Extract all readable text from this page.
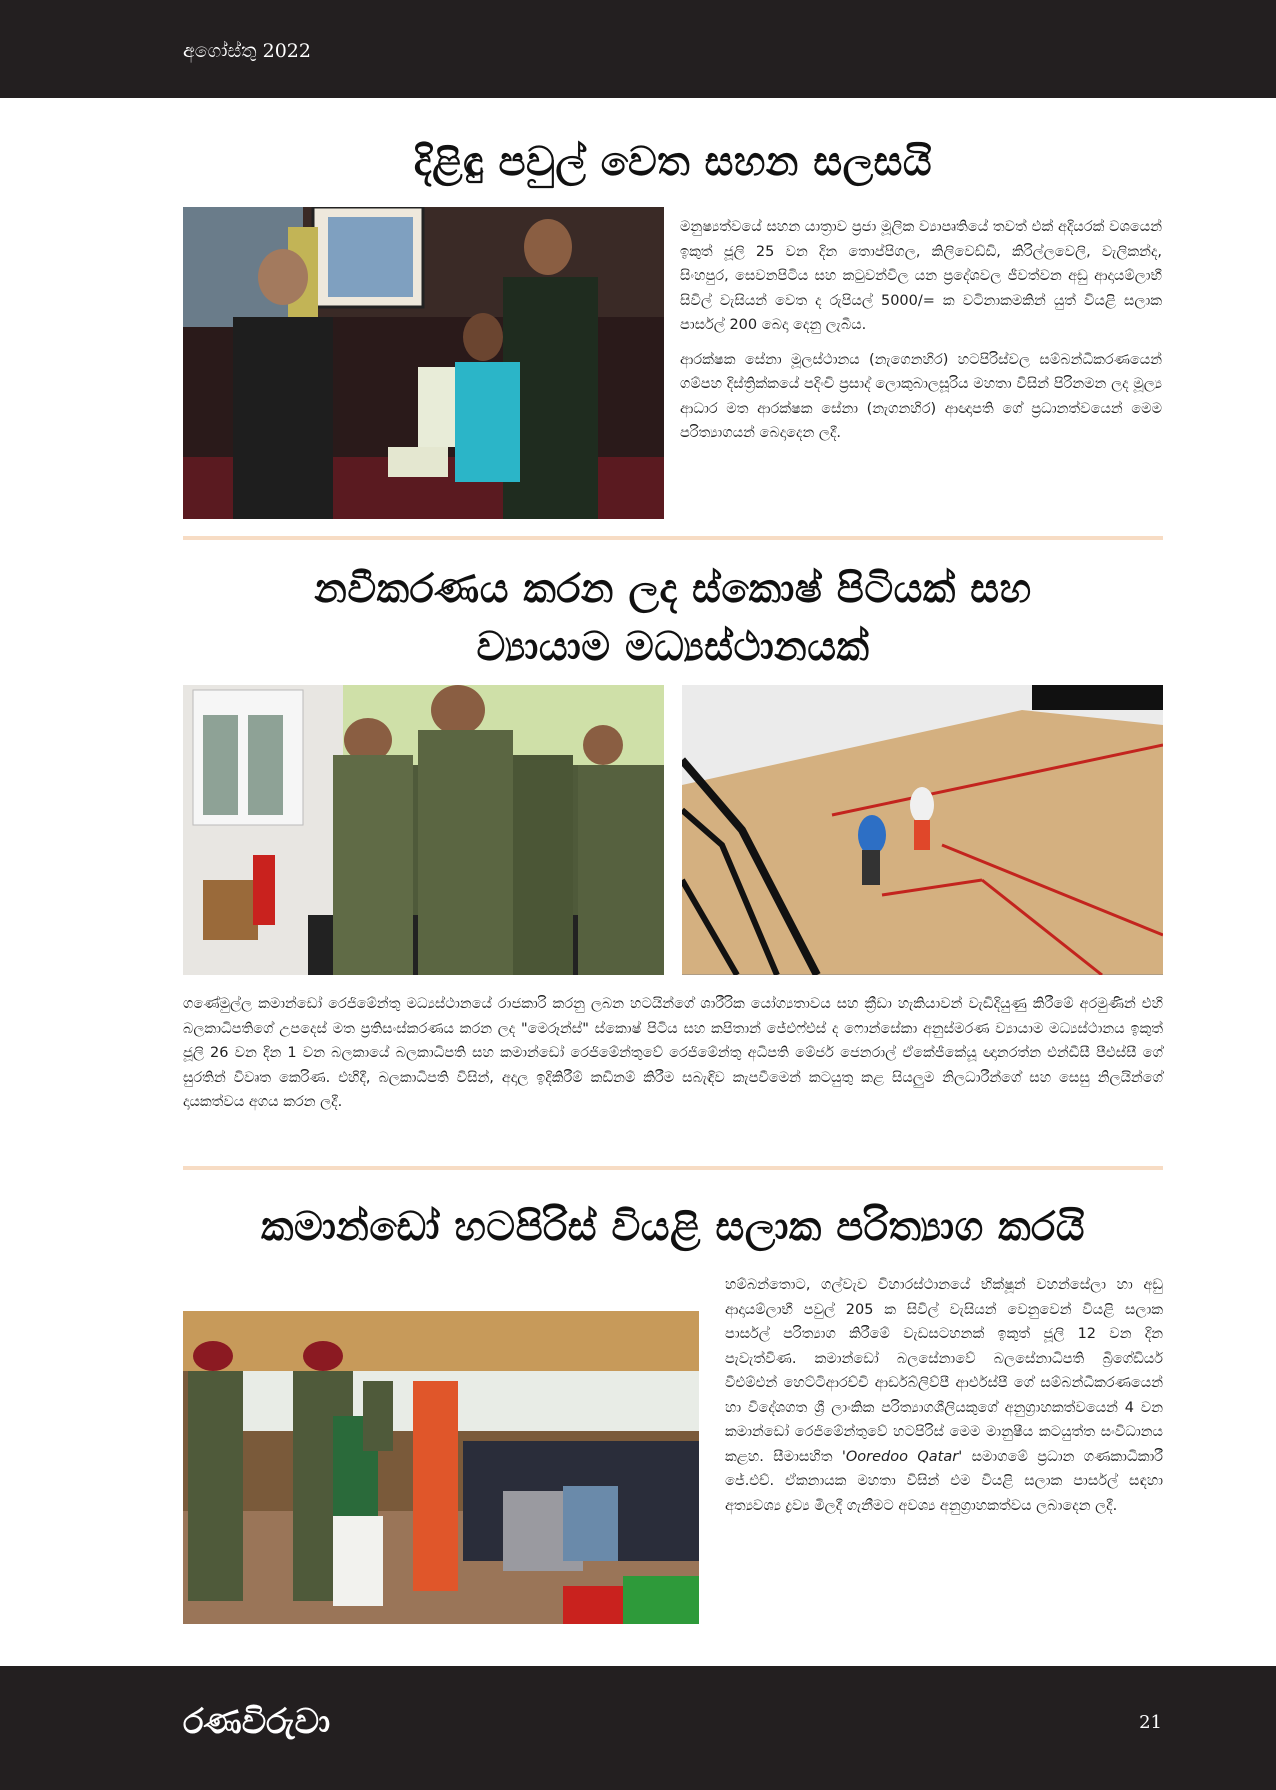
අගෝස්තු 2022
දිළිඳු පවුල් වෙත සහන සලසයි

මනුෂ්‍යත්වයේ සහන යාත්‍රාව ප්‍රජා මූලික ව්‍යාපෘතියේ තවත් එක් අදියරක් වශයෙන් ඉකුත් ජූලි 25 වන දින තොප්පිගල, කිලිවෙඩ්ඩි, කිරිල්ලවෙලි, වැලිකන්ද, සිංහපුර, සෙවනපිටිය සහ කටුවන්විල යන ප්‍රදේශවල ජීවත්වන අඩු ආදායම්ලාභී සිවිල් වැසියන් වෙත ද රුපියල් 5000/= ක වටිනාකමකින් යුත් වියළි සලාක පාර්සල් 200 බෙදා දෙනු ලැබීය.

ආරක්ෂක සේනා මූලස්ථානය (නැගෙනහිර) හටපිරිස්වල සම්බන්ධීකරණයෙන් ගම්පහ දිස්ත්‍රික්කයේ පදිංචි ප්‍රසාද් ලොකුබාලසූරිය මහතා විසින් පිරිනමන ලද මූල්‍ය ආධාර මත ආරක්ෂක සේනා (නැගනහිර) ආඥාපති ගේ ප්‍රධානත්වයෙන් මෙම පරිත්‍යාගයන් බෙදාදෙන ලදී.

නවීකරණය කරන ලද ස්කොෂ් පිටියක් සහ
ව්‍යායාම මධ්‍යස්ථානයක්

ගණේමුල්ල කමාන්ඩෝ රෙජිමේන්තු මධ්‍යස්ථානයේ රාජකාරි කරනු ලබන හටයින්ගේ ශාරීරික යෝග්‍යතාවය සහ ක්‍රීඩා හැකියාවන් වැඩිදියුණු කිරීමේ අරමුණින් එහි බලකාධිපතිගේ උපදෙස් මත ප්‍රතිසංස්කරණය කරන ලද "මෙරූන්ස්" ස්කොෂ් පිටිය සහ කපිතාන් ජේඑෆ්එස් ද ෆොන්සේකා අනුස්මරණ ව්‍යායාම මධ්‍යස්ථානය ඉකුත් ජූලි 26 වන දින 1 වන බලකායේ බලකාධිපති සහ කමාන්ඩෝ රෙජිමේන්තුවේ රෙජිමේන්තු අධිපති මේජර් ජෙනරාල් ඒකේජීකේයූ ඥානරත්න එන්ඩීසී පීඑස්සී ගේ සුරතින් විවෘත කෙරිණ. එහිදී, බලකාධිපති විසින්, අදාල ඉදිකිරීම් කඩිනම් කිරීම සබැඳිව කැපවීමෙන් කටයුතු කළ සියලුම නිලධාරීන්ගේ සහ සෙසු නිලයින්ගේ දායකත්වය අගය කරන ලදී.

කමාන්ඩෝ හටපිරිස් වියළි සලාක පරිත්‍යාග කරයි

හම්බන්තොට, ගල්වැව විහාරස්ථානයේ භික්ෂූන් වහන්සේලා හා අඩු ආදායම්ලාභී පවුල් 205 ක සිවිල් වැසියන් වෙනුවෙන් වියළි සලාක පාර්සල් පරිත්‍යාග කිරීමේ වැඩසටහනක් ඉකුත් ජූලි 12 වන දින පැවැත්විණ. කමාන්ඩෝ බලසේනාවේ බලසේනාධිපති බ්‍රිගේඩියර් වීඑම්එන් හෙට්ටිආරච්චි ආර්ඩබ්ලිව්පී ආර්එස්පී ගේ සම්බන්ධීකරණයෙන් හා විදේශගත ශ්‍රී ලාංකික පරිත්‍යාගශීලියකුගේ අනුග්‍රාහකත්වයෙන් 4 වන කමාන්ඩෝ රෙජිමේන්තුවේ හටපිරිස් මෙම මානුෂීය කටයුත්ත සංවිධානය කළහ. සීමාසහිත 'Ooredoo Qatar' සමාගමේ ප්‍රධාන ගණකාධිකාරී ජේ.එච්. ඒකනායක මහතා විසින් එම වියළි සලාක පාර්සල් සඳහා අත්‍යවශ්‍ය ද්‍රව්‍ය මිලදී ගැනීමට අවශ්‍ය අනුග්‍රාහකත්වය ලබාදෙන ලදී.

රණවිරුවා	21
